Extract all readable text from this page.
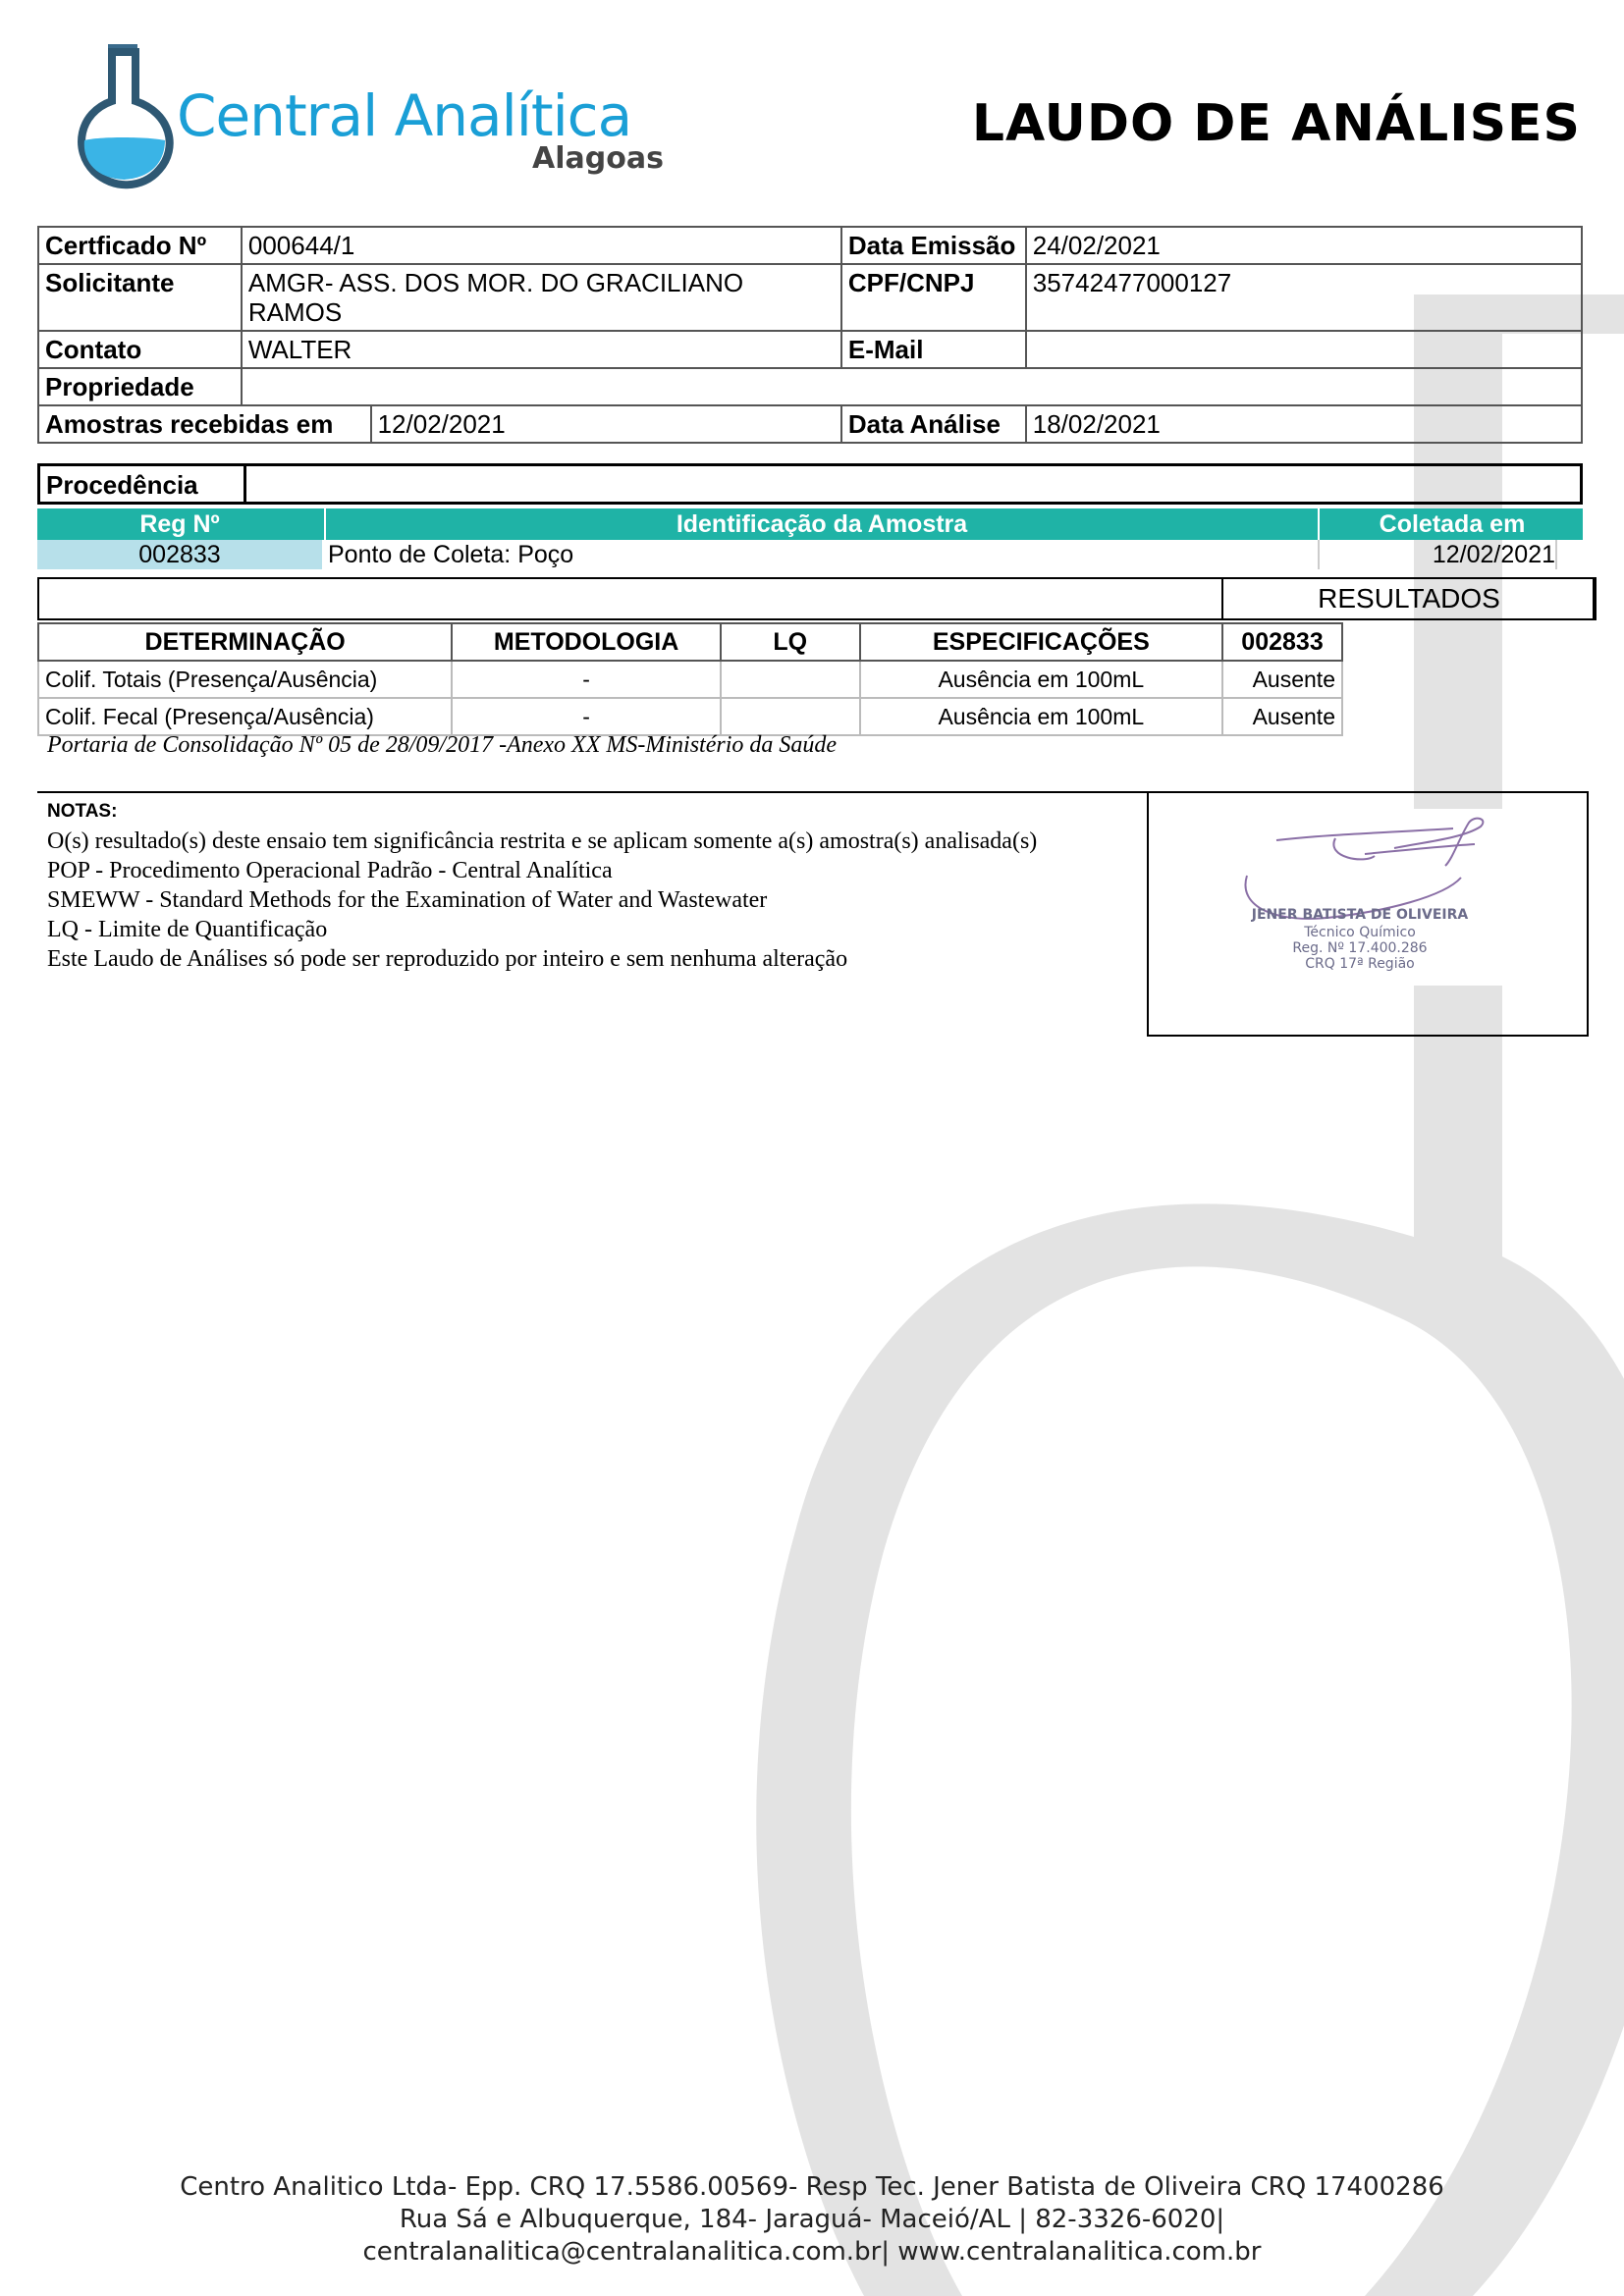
Central Analítica
Alagoas
LAUDO DE ANÁLISES
Certficado Nº	000644/1		Data Emissão	24/02/2021
Solicitante	AMGR- ASS. DOS MOR. DO GRACILIANO RAMOS		CPF/CNPJ	35742477000127
Contato	WALTER		E-Mail	
Propriedade				
Amostras recebidas em		12/02/2021	Data Análise	18/02/2021
Procedência
Reg Nº	Identificação da Amostra	Coletada em
002833	Ponto de Coleta: Poço	12/02/2021
RESULTADOS
DETERMINAÇÃO	METODOLOGIA	LQ	ESPECIFICAÇÕES	002833
Colif. Totais (Presença/Ausência)	-		Ausência em 100mL	Ausente
Colif. Fecal (Presença/Ausência)	-		Ausência em 100mL	Ausente
Portaria de Consolidação Nº 05 de 28/09/2017 -Anexo XX MS-Ministério da Saúde
NOTAS:
O(s) resultado(s) deste ensaio tem significância restrita e se aplicam somente a(s) amostra(s) analisada(s)
POP - Procedimento Operacional Padrão - Central Analítica
SMEWW - Standard Methods for the Examination of Water and Wastewater
LQ - Limite de Quantificação
Este Laudo de Análises só pode ser reproduzido por inteiro e sem nenhuma alteração
JENER BATISTA DE OLIVEIRA
Técnico Químico
Reg. Nº 17.400.286
CRQ 17ª Região
Centro Analitico Ltda- Epp. CRQ 17.5586.00569- Resp Tec. Jener Batista de Oliveira CRQ 17400286
Rua Sá e Albuquerque, 184- Jaraguá- Maceió/AL | 82-3326-6020|
centralanalitica@centralanalitica.com.br| www.centralanalitica.com.br
